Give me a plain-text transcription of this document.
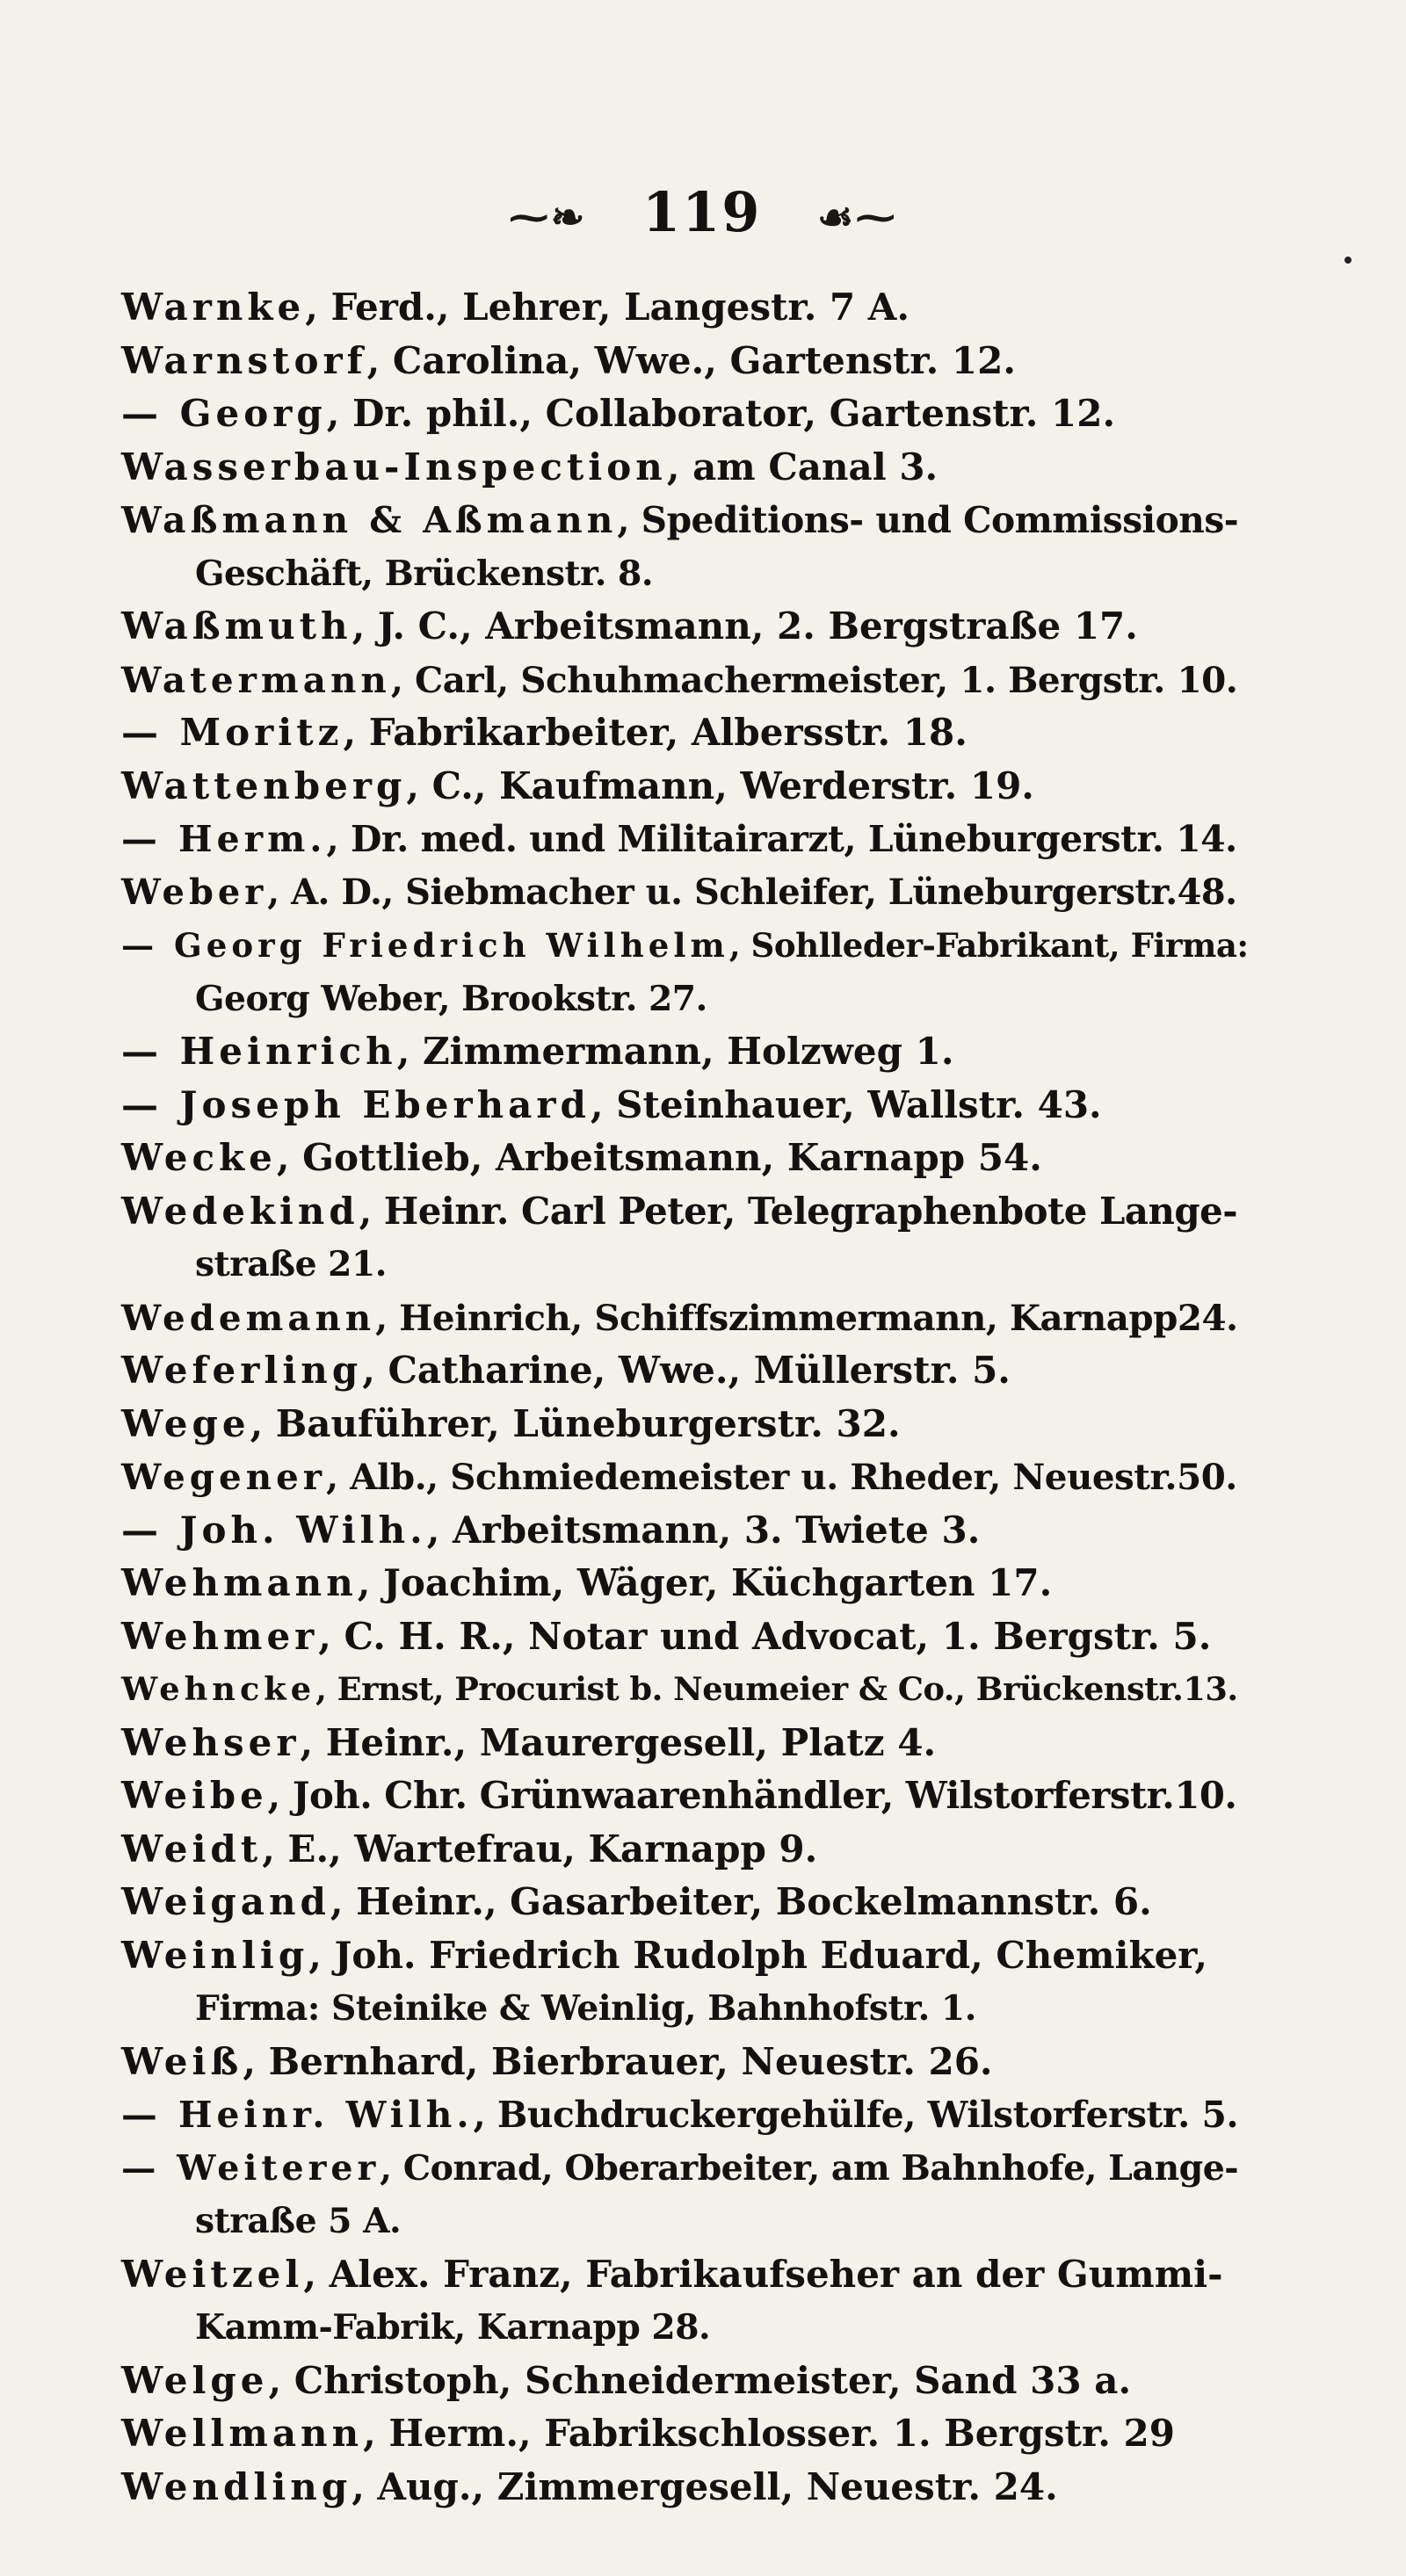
⁓❧ 119 ☙⁓
Warnke, Ferd., Lehrer, Langestr. 7 A.
Warnstorf, Carolina, Wwe., Gartenstr. 12.
— Georg, Dr. phil., Collaborator, Gartenstr. 12.
Wasserbau-Inspection, am Canal 3.
Waßmann & Aßmann, Speditions- und Commissions-
Geschäft, Brückenstr. 8.
Waßmuth, J. C., Arbeitsmann, 2. Bergstraße 17.
Watermann, Carl, Schuhmachermeister, 1. Bergstr. 10.
— Moritz, Fabrikarbeiter, Albersstr. 18.
Wattenberg, C., Kaufmann, Werderstr. 19.
— Herm., Dr. med. und Militairarzt, Lüneburgerstr. 14.
Weber, A. D., Siebmacher u. Schleifer, Lüneburgerstr.48.
— Georg Friedrich Wilhelm, Sohlleder-Fabrikant, Firma:
Georg Weber, Brookstr. 27.
— Heinrich, Zimmermann, Holzweg 1.
— Joseph Eberhard, Steinhauer, Wallstr. 43.
Wecke, Gottlieb, Arbeitsmann, Karnapp 54.
Wedekind, Heinr. Carl Peter, Telegraphenbote Lange-
straße 21.
Wedemann, Heinrich, Schiffszimmermann, Karnapp24.
Weferling, Catharine, Wwe., Müllerstr. 5.
Wege, Bauführer, Lüneburgerstr. 32.
Wegener, Alb., Schmiedemeister u. Rheder, Neuestr.50.
— Joh. Wilh., Arbeitsmann, 3. Twiete 3.
Wehmann, Joachim, Wäger, Küchgarten 17.
Wehmer, C. H. R., Notar und Advocat, 1. Bergstr. 5.
Wehncke, Ernst, Procurist b. Neumeier & Co., Brückenstr.13.
Wehser, Heinr., Maurergesell, Platz 4.
Weibe, Joh. Chr. Grünwaarenhändler, Wilstorferstr.10.
Weidt, E., Wartefrau, Karnapp 9.
Weigand, Heinr., Gasarbeiter, Bockelmannstr. 6.
Weinlig, Joh. Friedrich Rudolph Eduard, Chemiker,
Firma: Steinike & Weinlig, Bahnhofstr. 1.
Weiß, Bernhard, Bierbrauer, Neuestr. 26.
— Heinr. Wilh., Buchdruckergehülfe, Wilstorferstr. 5.
— Weiterer, Conrad, Oberarbeiter, am Bahnhofe, Lange-
straße 5 A.
Weitzel, Alex. Franz, Fabrikaufseher an der Gummi-
Kamm-Fabrik, Karnapp 28.
Welge, Christoph, Schneidermeister, Sand 33 a.
Wellmann, Herm., Fabrikschlosser. 1. Bergstr. 29
Wendling, Aug., Zimmergesell, Neuestr. 24.
